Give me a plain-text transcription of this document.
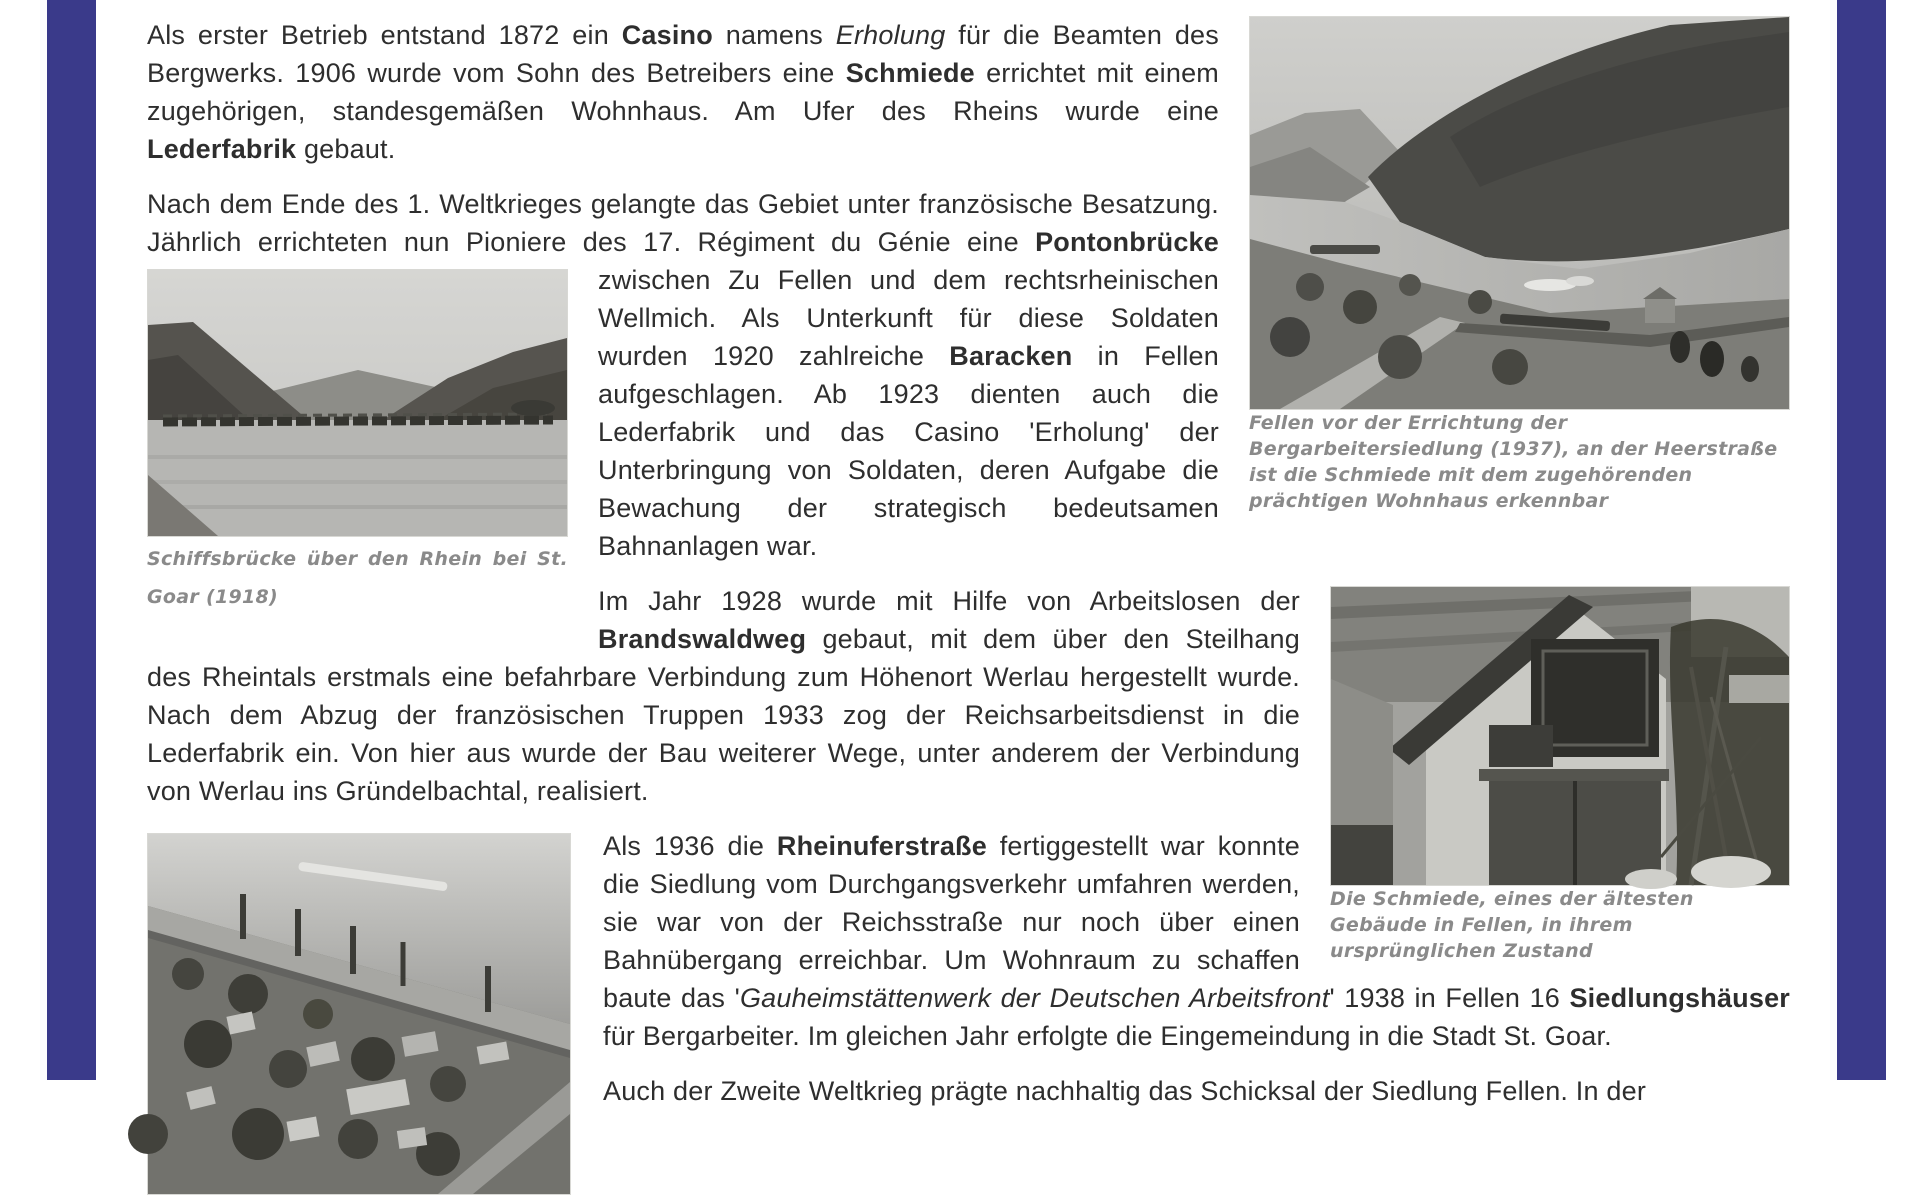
Fellen vor der Errichtung der Bergarbeitersiedlung (1937), an der Heerstraße ist die Schmiede mit dem zugehörenden prächtigen Wohnhaus erkennbar
Als erster Betrieb entstand 1872 ein Casino namens Erholung für die Beamten des Bergwerks. 1906 wurde vom Sohn des Betreibers eine Schmiede errichtet mit einem zugehörigen, standesgemäßen Wohnhaus. Am Ufer des Rheins wurde eine Lederfabrik gebaut.
Nach dem Ende des 1. Weltkrieges gelangte das Gebiet unter französische Besatzung. Jährlich errichteten nun Pioniere des 17. Régiment du Génie eine
Schiffsbrücke über den Rhein bei St. Goar (1918)
Pontonbrücke zwischen Zu Fellen und dem rechtsrheinischen Wellmich. Als Unterkunft für diese Soldaten wurden 1920 zahlreiche Baracken in Fellen aufgeschlagen. Ab 1923 dienten auch die Lederfabrik und das Casino 'Erholung' der Unterbringung von Soldaten, deren Aufgabe die Bewachung der strategisch bedeutsamen Bahnanlagen war.
Die Schmiede, eines der ältesten Gebäude in Fellen, in ihrem ursprünglichen Zustand
Im Jahr 1928 wurde mit Hilfe von Arbeitslosen der Brandswaldweg gebaut, mit dem über den Steilhang des Rheintals erstmals eine befahrbare Verbindung zum Höhenort Werlau hergestellt wurde. Nach dem Abzug der französischen Truppen 1933 zog der Reichsarbeitsdienst in die Lederfabrik ein. Von hier aus wurde der Bau weiterer Wege, unter anderem der Verbindung von Werlau ins Gründelbachtal, realisiert.
Als 1936 die Rheinuferstraße fertiggestellt war konnte die Siedlung vom Durchgangsverkehr umfahren werden, sie war von der Reichsstraße nur noch über einen Bahnübergang erreichbar. Um Wohnraum zu schaffen baute das 'Gauheimstättenwerk der Deutschen Arbeitsfront' 1938 in Fellen 16 Siedlungshäuser für Bergarbeiter. Im gleichen Jahr erfolgte die Eingemeindung in die Stadt St. Goar.
Auch der Zweite Weltkrieg prägte nachhaltig das Schicksal der Siedlung Fellen. In der
